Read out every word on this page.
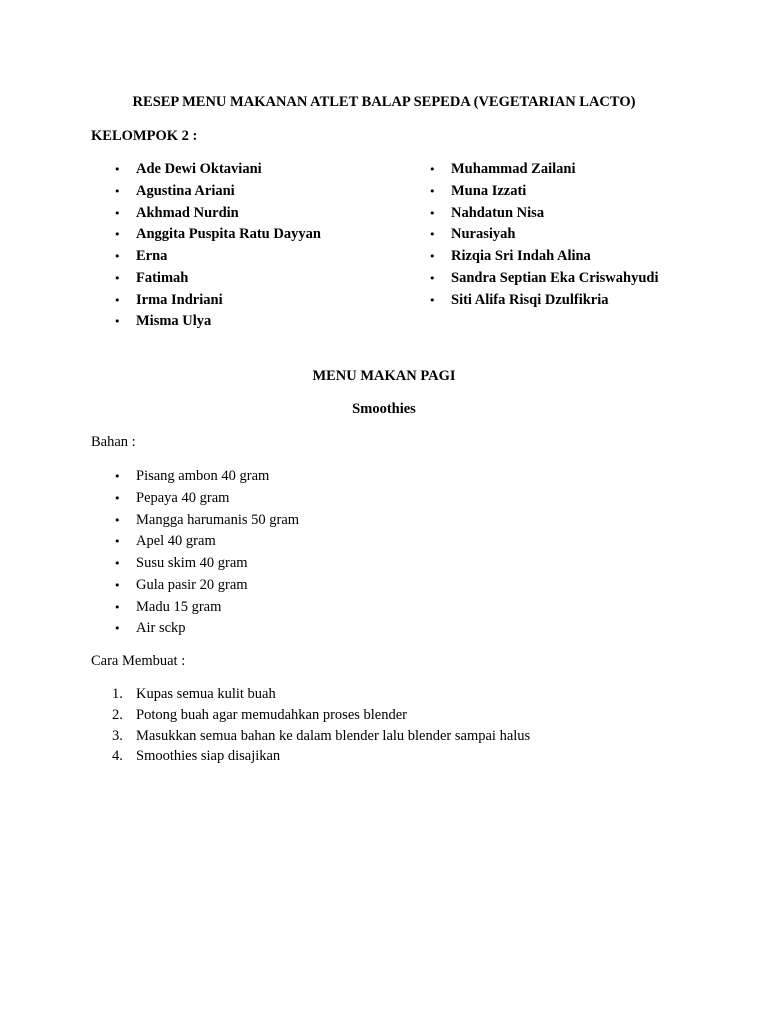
RESEP MENU MAKANAN ATLET BALAP SEPEDA (VEGETARIAN LACTO)
KELOMPOK 2 :
• Ade Dewi Oktaviani
• Agustina Ariani
• Akhmad Nurdin
• Anggita Puspita Ratu Dayyan
• Erna
• Fatimah
• Irma Indriani
• Misma Ulya
• Muhammad Zailani
• Muna Izzati
• Nahdatun Nisa
• Nurasiyah
• Rizqia Sri Indah Alina
• Sandra Septian Eka Criswahyudi
• Siti Alifa Risqi Dzulfikria
MENU MAKAN PAGI
Smoothies
Bahan :
• Pisang ambon 40 gram
• Pepaya 40 gram
• Mangga harumanis 50 gram
• Apel 40 gram
• Susu skim 40 gram
• Gula pasir 20 gram
• Madu 15 gram
• Air sckp
Cara Membuat :
1. Kupas semua kulit buah
2. Potong buah agar memudahkan proses blender
3. Masukkan semua bahan ke dalam blender lalu blender sampai halus
4. Smoothies siap disajikan
